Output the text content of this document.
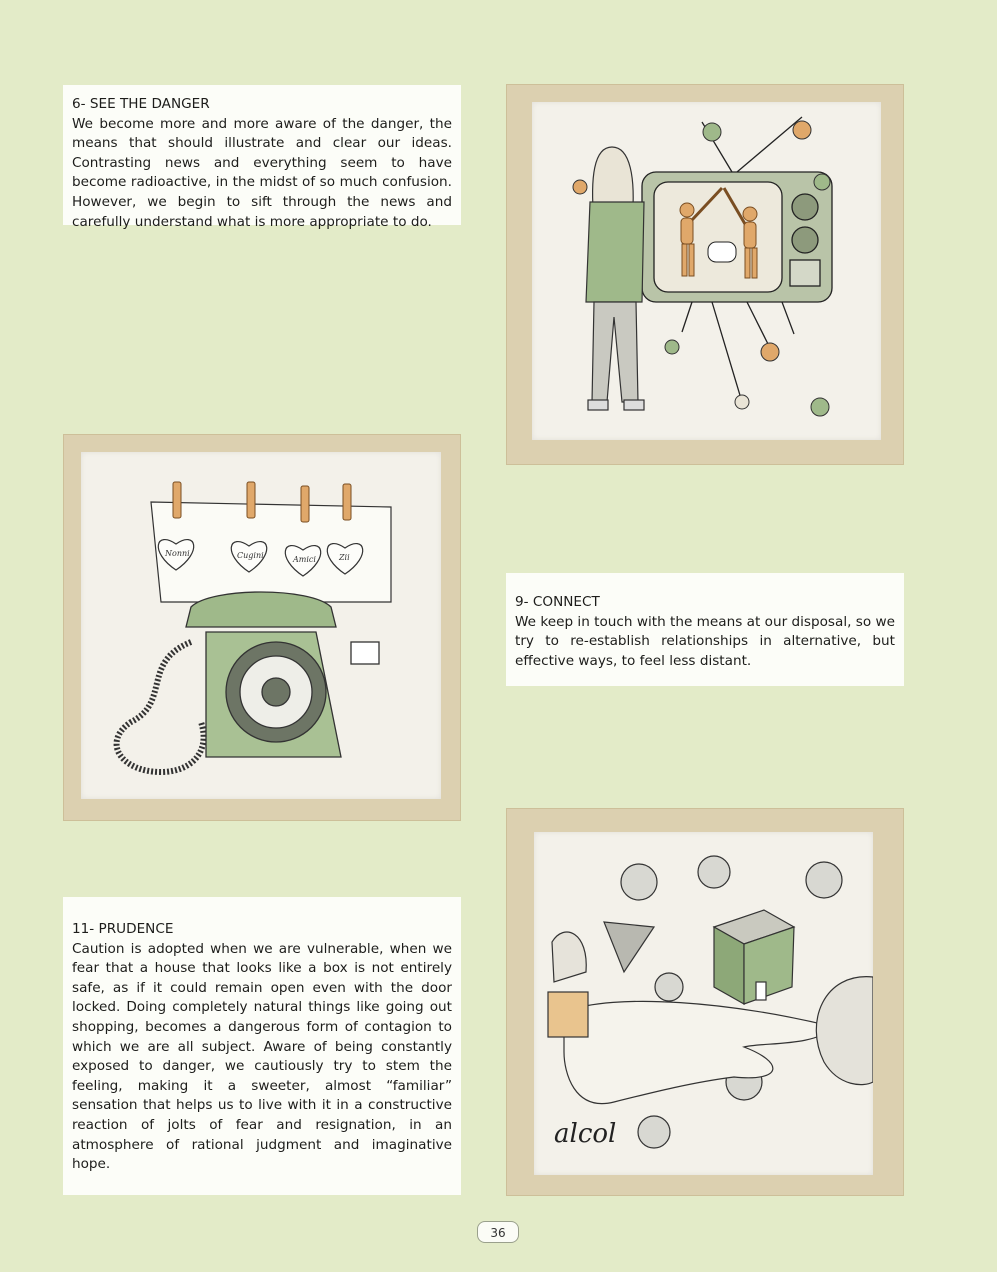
6- SEE THE DANGER

We become more and more aware of the danger, the means that should illustrate and clear our ideas. Contrasting news and everything seem to have become radioactive, in the midst of so much confusion. However, we begin to sift through the news and carefully understand what is more appropriate to do.

Nonni	Cugini	Amici	Zii
9- CONNECT

We keep in touch with the means at our disposal, so we try to re-establish relationships in alternative, but effective ways, to feel less distant.

11- PRUDENCE

Caution is adopted when we are vulnerable, when we fear that a house that looks like a box is not entirely safe, as if it could remain open even with the door locked. Doing completely natural things like going out shopping, becomes a dangerous form of contagion to which we are all subject. Aware of being constantly exposed to danger, we cautiously try to stem the feeling, making it a sweeter, almost “familiar” sensation that helps us to live with it in a constructive reaction of jolts of fear and resignation, in an atmosphere of rational judgment and imaginative hope.

alcol
36
